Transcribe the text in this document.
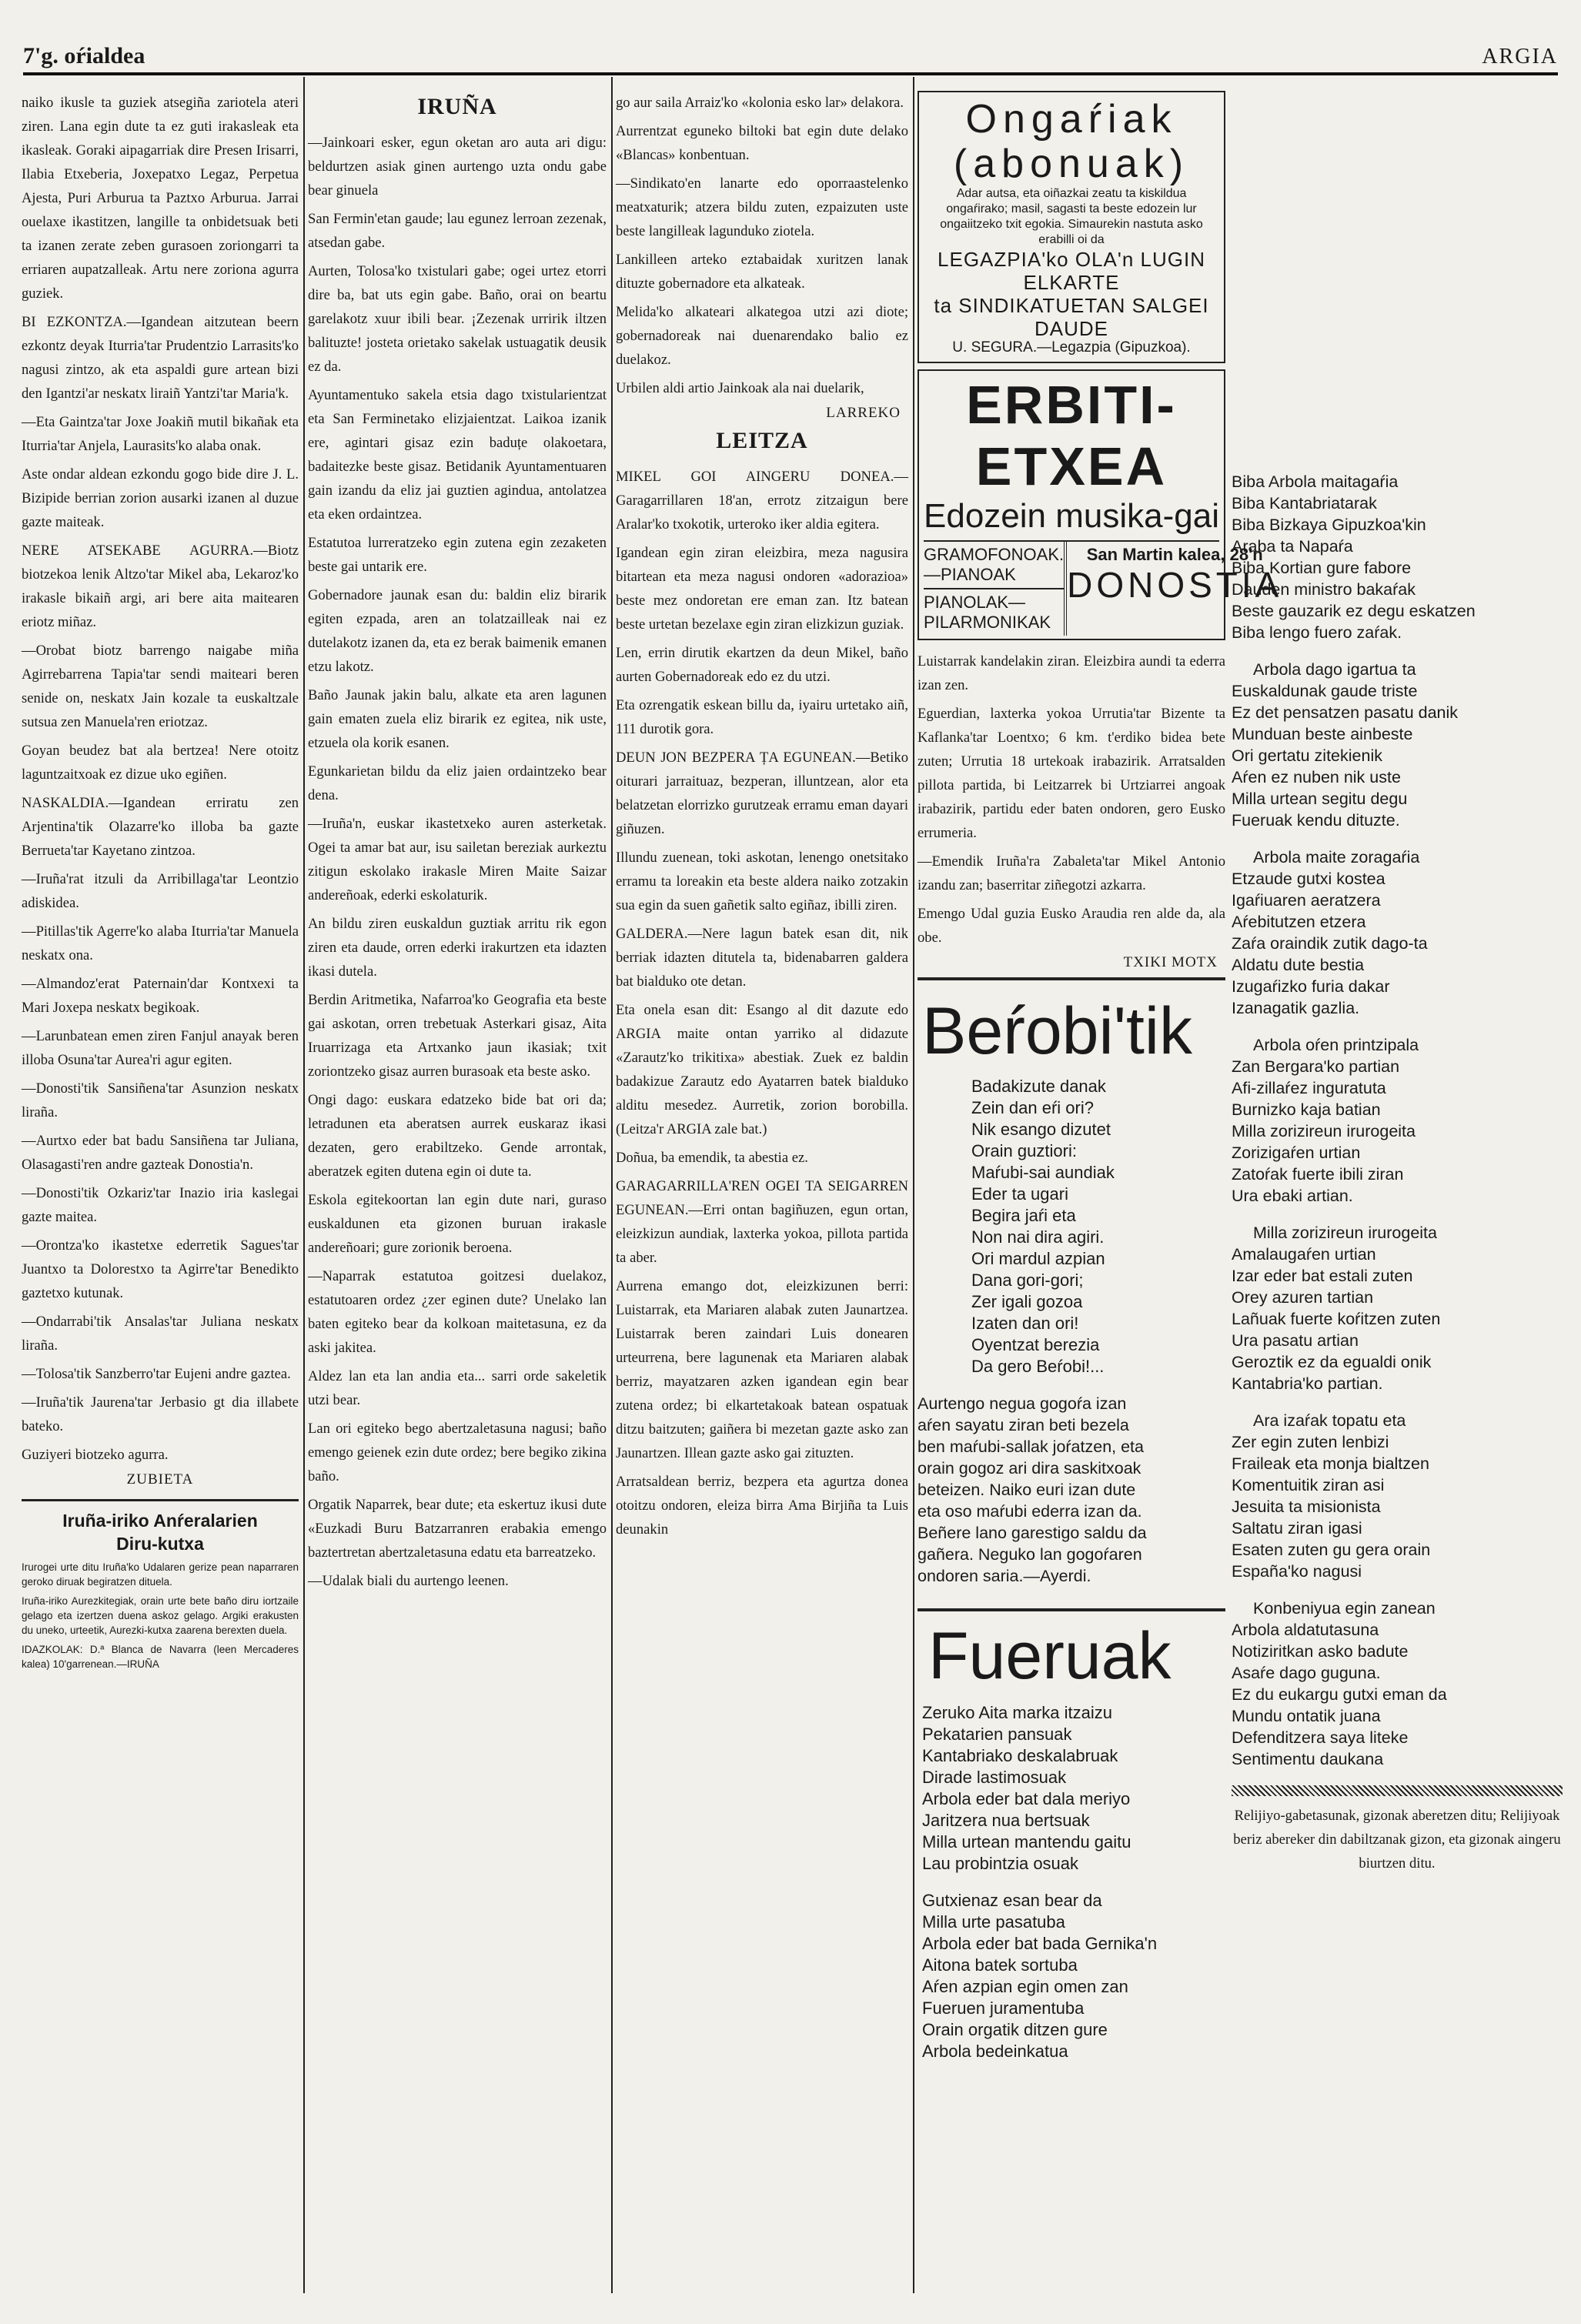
7'g. oŕialdea	ARGIA

naiko ikusle ta guziek atsegiña zariotela ateri ziren. Lana egin dute ta ez guti irakasleak eta ikasleak. Goraki aipagarriak dire Presen Irisarri, Ilabia Etxeberia, Joxepatxo Legaz, Perpetua Ajesta, Puri Arburua ta Paztxo Arburua. Jarrai ouelaxe ikastitzen, langille ta onbidetsuak beti ta izanen zerate zeben gurasoen zoriongarri ta erriaren aupatzalleak. Artu nere zoriona agurra guziek.

BI EZKONTZA.—Igandean aitzutean beern ezkontz deyak Iturria'tar Prudentzio Larrasits'ko nagusi zintzo, ak eta aspaldi gure artean bizi den Igantzi'ar neskatx liraiñ Yantzi'tar Maria'k.

—Eta Gaintza'tar Joxe Joakiñ mutil bikañak eta Iturria'tar Anjela, Laurasits'ko alaba onak.

Aste ondar aldean ezkondu gogo bide dire J. L. Bizipide berrian zorion ausarki izanen al duzue gazte maiteak.

NERE ATSEKABE AGURRA.—Biotz biotzekoa lenik Altzo'tar Mikel aba, Lekaroz'ko irakasle bikaiñ argi, ari bere aita maitearen eriotz miñaz.

—Orobat biotz barrengo naigabe miña Agirrebarrena Tapia'tar sendi maiteari beren senide on, neskatx Jain kozale ta euskaltzale sutsua zen Manuela'ren eriotzaz.

Goyan beudez bat ala bertzea! Nere otoitz laguntzaitxoak ez dizue uko egiñen.

NASKALDIA.—Igandean erriratu zen Arjentina'tik Olazarre'ko illoba ba gazte Berrueta'tar Kayetano zintzoa.

—Iruña'rat itzuli da Arribillaga'tar Leontzio adiskidea.

—Pitillas'tik Agerre'ko alaba Iturria'tar Manuela neskatx ona.

—Almandoz'erat Paternain'dar Kontxexi ta Mari Joxepa neskatx begikoak.

—Larunbatean emen ziren Fanjul anayak beren illoba Osuna'tar Aurea'ri agur egiten.

—Donosti'tik Sansiñena'tar Asunzion neskatx liraña.

—Aurtxo eder bat badu Sansiñena tar Juliana, Olasagasti'ren andre gazteak Donostia'n.

—Donosti'tik Ozkariz'tar Inazio iria kaslegai gazte maitea.

—Orontza'ko ikastetxe ederretik Sagues'tar Juantxo ta Dolorestxo ta Agirre'tar Benedikto gaztetxo kutunak.

—Ondarrabi'tik Ansalas'tar Juliana neskatx liraña.

—Tolosa'tik Sanzberro'tar Eujeni andre gaztea.

—Iruña'tik Jaurena'tar Jerbasio gt dia illabete bateko.

Guziyeri biotzeko agurra.

ZUBIETA
Iruña-iriko Anŕeralarien
Diru-kutxa
Irurogei urte ditu Iruña'ko Udalaren gerize pean naparraren geroko diruak begiratzen dituela.
Iruña-iriko Aurezkitegiak, orain urte bete baño diru iortzaile gelago eta izertzen duena askoz gelago. Argiki erakusten du uneko, urteetik, Aurezki-kutxa zaarena berexten duela.
IDAZKOLAK: D.ª Blanca de Navarra (leen Mercaderes kalea) 10'garrenean.—IRUÑA
IRUÑA

—Jainkoari esker, egun oketan aro auta ari digu: beldurtzen asiak ginen aurtengo uzta ondu gabe bear ginuela

San Fermin'etan gaude; lau egunez lerroan zezenak, atsedan gabe.

Aurten, Tolosa'ko txistulari gabe; ogei urtez etorri dire ba, bat uts egin gabe. Baño, orai on beartu garelakotz xuur ibili bear. ¡Zezenak urririk iltzen balituzte! josteta orietako sakelak ustuagatik deusik ez da.

Ayuntamentuko sakela etsia dago txistularientzat eta San Ferminetako elizjaientzat. Laikoa izanik ere, agintari gisaz ezin baduțe olakoetara, badaitezke beste gisaz. Betidanik Ayuntamentuaren gain izandu da eliz jai guztien agindua, antolatzea eta eken ordaintzea.

Estatutoa lurreratzeko egin zutena egin zezaketen beste gai untarik ere.

Gobernadore jaunak esan du: baldin eliz birarik egiten ezpada, aren an tolatzailleak nai ez dutelakotz izanen da, eta ez berak baimenik emanen etzu lakotz.

Baño Jaunak jakin balu, alkate eta aren lagunen gain ematen zuela eliz birarik ez egitea, nik uste, etzuela ola korik esanen.

Egunkarietan bildu da eliz jaien ordaintzeko bear dena.

—Iruña'n, euskar ikastetxeko auren asterketak. Ogei ta amar bat aur, isu sailetan bereziak aurkeztu zitigun eskolako irakasle Miren Maite Saizar andereñoak, ederki eskolaturik.

An bildu ziren euskaldun guztiak arritu rik egon ziren eta daude, orren ederki irakurtzen eta idazten ikasi dutela.

Berdin Aritmetika, Nafarroa'ko Geografia eta beste gai askotan, orren trebetuak Asterkari gisaz, Aita Iruarrizaga eta Artxanko jaun ikasiak; txit zoriontzeko gisaz aurren burasoak eta beste asko.

Ongi dago: euskara edatzeko bide bat ori da; letradunen eta aberatsen aurrek euskaraz ikasi dezaten, gero erabiltzeko. Gende arrontak, aberatzek egiten dutena egin oi dute ta.

Eskola egitekoortan lan egin dute nari, guraso euskaldunen eta gizonen buruan irakasle andereñoari; gure zorionik beroena.

—Naparrak estatutoa goitzesi duelakoz, estatutoaren ordez ¿zer eginen dute? Unelako lan baten egiteko bear da kolkoan maitetasuna, ez da aski jakitea.

Aldez lan eta lan andia eta... sarri orde sakeletik utzi bear.

Lan ori egiteko bego abertzaletasuna nagusi; baño emengo geienek ezin dute ordez; bere begiko zikina baño.

Orgatik Naparrek, bear dute; eta eskertuz ikusi dute «Euzkadi Buru Batzarranren erabakia emengo baztertretan abertzaletasuna edatu eta barreatzeko.

—Udalak biali du aurtengo leenen.

go aur saila Arraiz'ko «kolonia esko lar» delakora.

Aurrentzat eguneko biltoki bat egin dute delako «Blancas» konbentuan.

—Sindikato'en lanarte edo oporraastelenko meatxaturik; atzera bildu zuten, ezpaizuten uste beste langilleak lagunduko ziotela.

Lankilleen arteko eztabaidak xuritzen lanak dituzte gobernadore eta alkateak.

Melida'ko alkateari alkategoa utzi azi diote; gobernadoreak nai duenarendako balio ez duelakoz.

Urbilen aldi artio Jainkoak ala nai duelarik,

LARREKO
LEITZA

MIKEL GOI AINGERU DONEA.—Garagarrillaren 18'an, errotz zitzaigun bere Aralar'ko txokotik, urteroko iker aldia egitera.

Igandean egin ziran eleizbira, meza nagusira bitartean eta meza nagusi ondoren «adorazioa» beste mez ondoretan ere eman zan. Itz batean beste urtetan bezelaxe egin ziran elizkizun guziak.

Len, errin dirutik ekartzen da deun Mikel, baño aurten Gobernadoreak edo ez du utzi.

Eta ozrengatik eskean billu da, iyairu urtetako aiñ, 111 durotik gora.

DEUN JON BEZPERA ȚA EGUNEAN.—Betiko oiturari jarraituaz, bezperan, illuntzean, alor eta belatzetan elorrizko gurutzeak erramu eman dayari giñuzen.

Illundu zuenean, toki askotan, lenengo onetsitako erramu ta loreakin eta beste aldera naiko zotzakin sua egin da suen gañetik salto egiñaz, ibilli ziren.

GALDERA.—Nere lagun batek esan dit, nik berriak idazten ditutela ta, bidenabarren galdera bat bialduko ote detan.

Eta onela esan dit: Esango al dit dazute edo ARGIA maite ontan yarriko al didazute «Zarautz'ko trikitixa» abestiak. Zuek ez baldin badakizue Zarautz edo Ayatarren batek bialduko alditu mesedez. Aurretik, zorion borobilla. (Leitza'r ARGIA zale bat.)

Doñua, ba emendik, ta abestia ez.

GARAGARRILLA'REN OGEI TA SEIGARREN EGUNEAN.—Erri ontan bagiñuzen, egun ortan, eleizkizun aundiak, laxterka yokoa, pillota partida ta aber.

Aurrena emango dot, eleizkizunen berri: Luistarrak, eta Mariaren alabak zuten Jaunartzea. Luistarrak beren zaindari Luis donearen urteurrena, bere lagunenak eta Mariaren alabak berriz, mayatzaren azken igandean egin bear zutena ordez; bi elkartetakoak batean ospatuak ditzu baitzuten; gaiñera bi mezetan gazte asko zan Jaunartzen. Illean gazte asko gai zituzten.

Arratsaldean berriz, bezpera eta agurtza donea otoitzu ondoren, eleiza birra Ama Birjiña ta Luis deunakin

Ongaŕiak (abonuak)
Adar autsa, eta oiñazkai zeatu ta kiskildua ongaŕirako; masil, sagasti ta beste edozein lur ongaiitzeko txit egokia. Simaurekin nastuta asko erabilli oi da
LEGAZPIA'ko OLA'n LUGIN ELKARTE
ta SINDIKATUETAN SALGEI DAUDE
U. SEGURA.—Legazpia (Gipuzkoa).
ERBITI-ETXEA
Edozein musika-gai
GRAMOFONOAK.—PIANOAK
PIANOLAK—PILARMONIKAK
San Martin kalea, 28'n
DONOSTIA

Luistarrak kandelakin ziran. Eleizbira aundi ta ederra izan zen.

Eguerdian, laxterka yokoa Urrutia'tar Bizente ta Kaflanka'tar Loentxo; 6 km. t'erdiko bidea bete zuten; Urrutia 18 urtekoak irabazirik. Arratsalden pillota partida, bi Leitzarrek bi Urtziarrei angoak irabazirik, partidu eder baten ondoren, gero Eusko errumeria.

—Emendik Iruña'ra Zabaleta'tar Mikel Antonio izandu zan; baserritar ziñegotzi azkarra.

Emengo Udal guzia Eusko Araudia ren alde da, ala obe.

TXIKI MOTX
Beŕobi'tik
Badakizute danak
Zein dan eŕi ori?
Nik esango dizutet
Orain guztiori:
Maŕubi-sai aundiak
Eder ta ugari
Begira jaŕi eta
Non nai dira agiri.
Ori mardul azpian
Dana gori-gori;
Zer igali gozoa
Izaten dan ori!
Oyentzat berezia
Da gero Beŕobi!...
Aurtengo negua gogoŕa izan
aŕen sayatu ziran beti bezela
ben maŕubi-sallak joŕatzen, eta
orain gogoz ari dira saskitxoak
beteizen. Naiko euri izan dute
eta oso maŕubi ederra izan da.
Beñere lano garestigo saldu da
gañera. Neguko lan gogoŕaren
ondoren saria.—Ayerdi.
Fueruak
Zeruko Aita marka itzaizu
Pekatarien pansuak
Kantabriako deskalabruak
Dirade lastimosuak
Arbola eder bat dala meriyo
Jaritzera nua bertsuak
Milla urtean mantendu gaitu
Lau probintzia osuak
Gutxienaz esan bear da
Milla urte pasatuba
Arbola eder bat bada Gernika'n
Aitona batek sortuba
Aŕen azpian egin omen zan
Fueruen juramentuba
Orain orgatik ditzen gure
Arbola bedeinkatua
Biba Arbola maitagaŕia
Biba Kantabriatarak
Biba Bizkaya Gipuzkoa'kin
Araba ta Napaŕa
Biba Kortian gure fabore
Dauden ministro bakaŕak
Beste gauzarik ez degu eskatzen
Biba lengo fuero zaŕak.
Arbola dago igartua ta
Euskaldunak gaude triste
Ez det pensatzen pasatu danik
Munduan beste ainbeste
Ori gertatu zitekienik
Aŕen ez nuben nik uste
Milla urtean segitu degu
Fueruak kendu dituzte.
Arbola maite zoragaŕia
Etzaude gutxi kostea
Igaŕiuaren aeratzera
Aŕebitutzen etzera
Zaŕa oraindik zutik dago-ta
Aldatu dute bestia
Izugaŕizko furia dakar
Izanagatik gazlia.
Arbola oŕen printzipala
Zan Bergara'ko partian
Afi-zillaŕez inguratuta
Burnizko kaja batian
Milla zorizireun irurogeita
Zorizigaŕen urtian
Zatoŕak fuerte ibili ziran
Ura ebaki artian.
Milla zorizireun irurogeita
Amalaugaŕen urtian
Izar eder bat estali zuten
Orey azuren tartian
Lañuak fuerte koŕitzen zuten
Ura pasatu artian
Geroztik ez da egualdi onik
Kantabria'ko partian.
Ara izaŕak topatu eta
Zer egin zuten lenbizi
Fraileak eta monja bialtzen
Komentuitik ziran asi
Jesuita ta misionista
Saltatu ziran igasi
Esaten zuten gu gera orain
España'ko nagusi
Konbeniyua egin zanean
Arbola aldatutasuna
Notiziritkan asko badute
Asaŕe dago guguna.
Ez du eukargu gutxi eman da
Mundu ontatik juana
Defenditzera saya liteke
Sentimentu daukana

Relijiyo-gabetasunak, gizonak aberetzen ditu; Relijiyoak beriz abereker din dabiltzanak gizon, eta gizonak aingeru biurtzen ditu.
